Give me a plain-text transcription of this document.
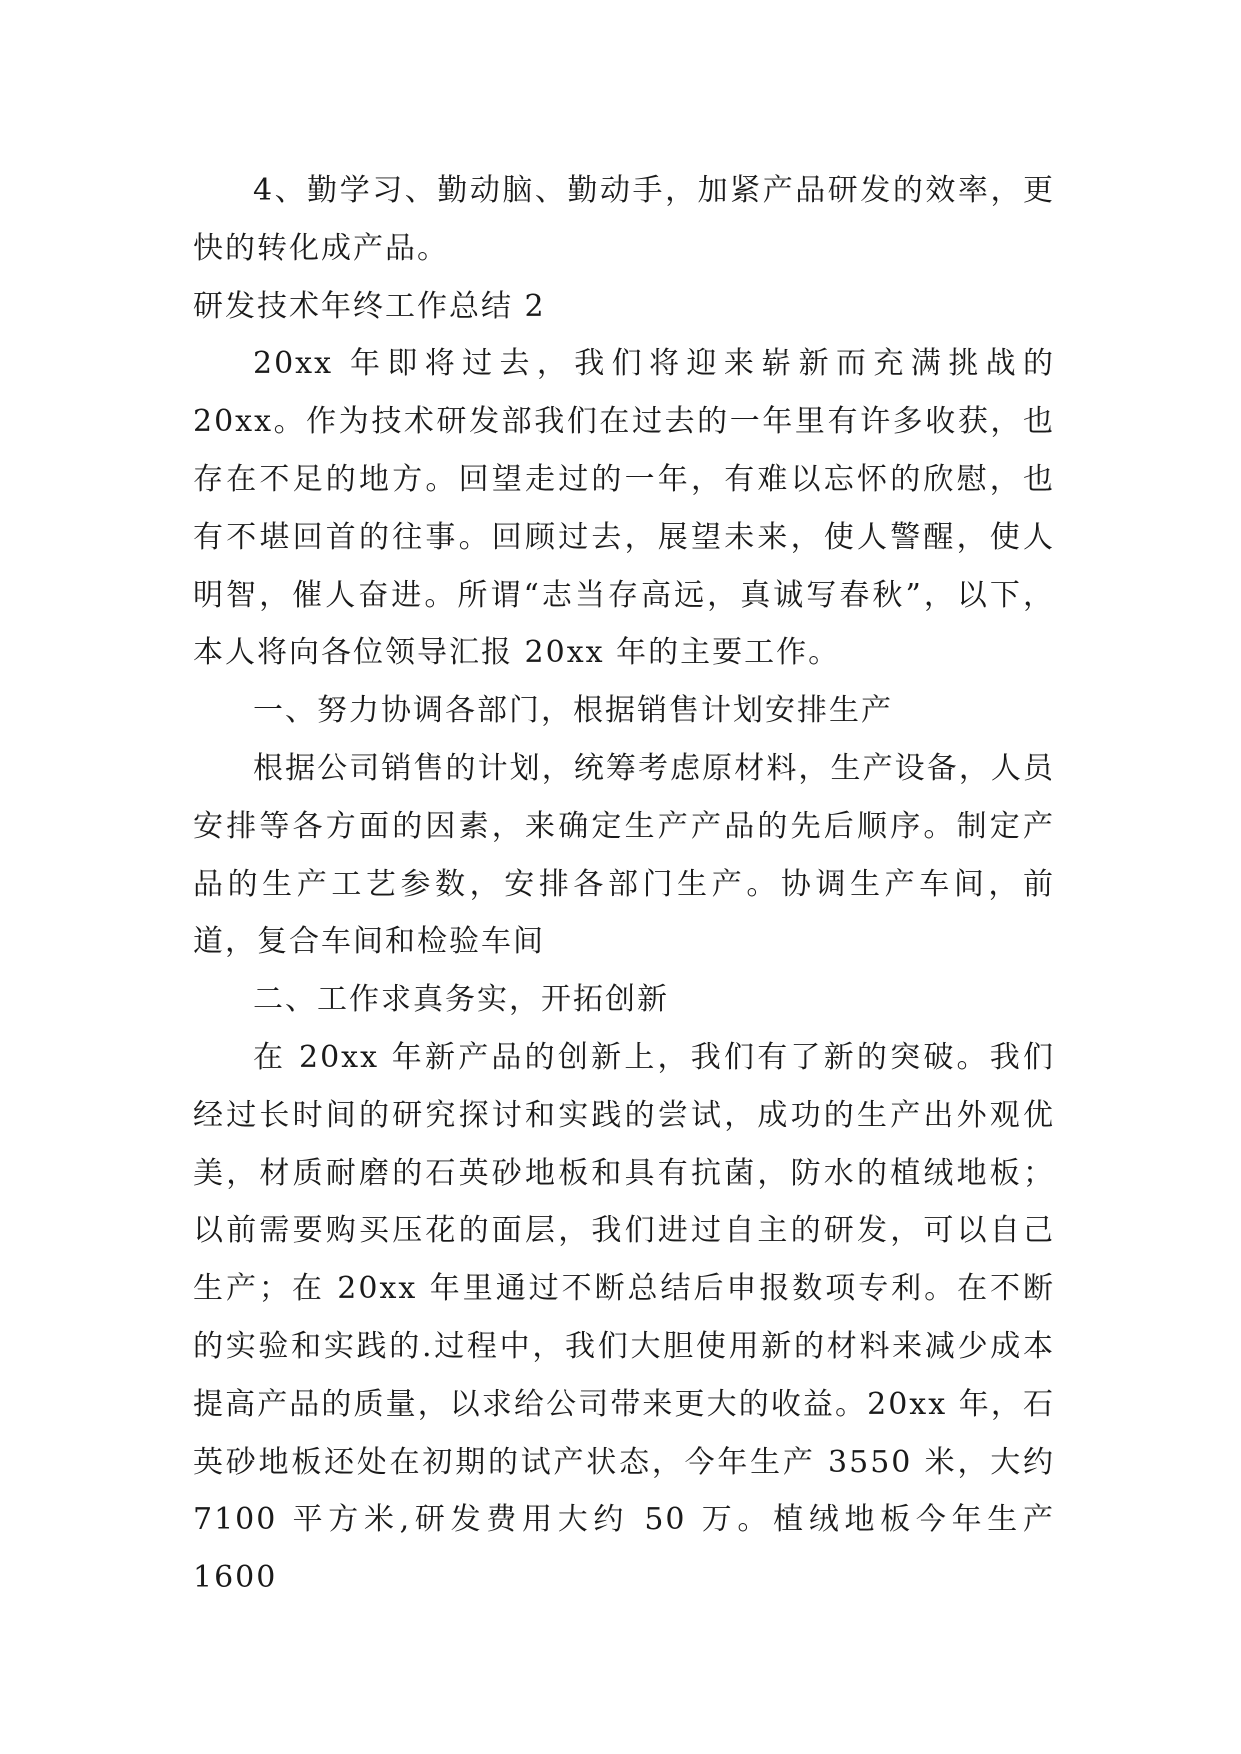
4、勤学习、勤动脑、勤动手，加紧产品研发的效率，更快的转化成产品。

研发技术年终工作总结 2

20xx 年即将过去，我们将迎来崭新而充满挑战的 20xx。作为技术研发部我们在过去的一年里有许多收获，也存在不足的地方。回望走过的一年，有难以忘怀的欣慰，也有不堪回首的往事。回顾过去，展望未来，使人警醒，使人明智，催人奋进。所谓“志当存高远，真诚写春秋”，以下，本人将向各位领导汇报 20xx 年的主要工作。

一、努力协调各部门，根据销售计划安排生产

根据公司销售的计划，统筹考虑原材料，生产设备，人员安排等各方面的因素，来确定生产产品的先后顺序。制定产品的生产工艺参数，安排各部门生产。协调生产车间，前道，复合车间和检验车间

二、工作求真务实，开拓创新

在 20xx 年新产品的创新上，我们有了新的突破。我们经过长时间的研究探讨和实践的尝试，成功的生产出外观优美，材质耐磨的石英砂地板和具有抗菌，防水的植绒地板；以前需要购买压花的面层，我们进过自主的研发，可以自己生产；在 20xx 年里通过不断总结后申报数项专利。在不断的实验和实践的.过程中，我们大胆使用新的材料来减少成本提高产品的质量，以求给公司带来更大的收益。20xx 年，石英砂地板还处在初期的试产状态，今年生产 3550 米，大约 7100 平方米,研发费用大约 50 万。植绒地板今年生产 1600
